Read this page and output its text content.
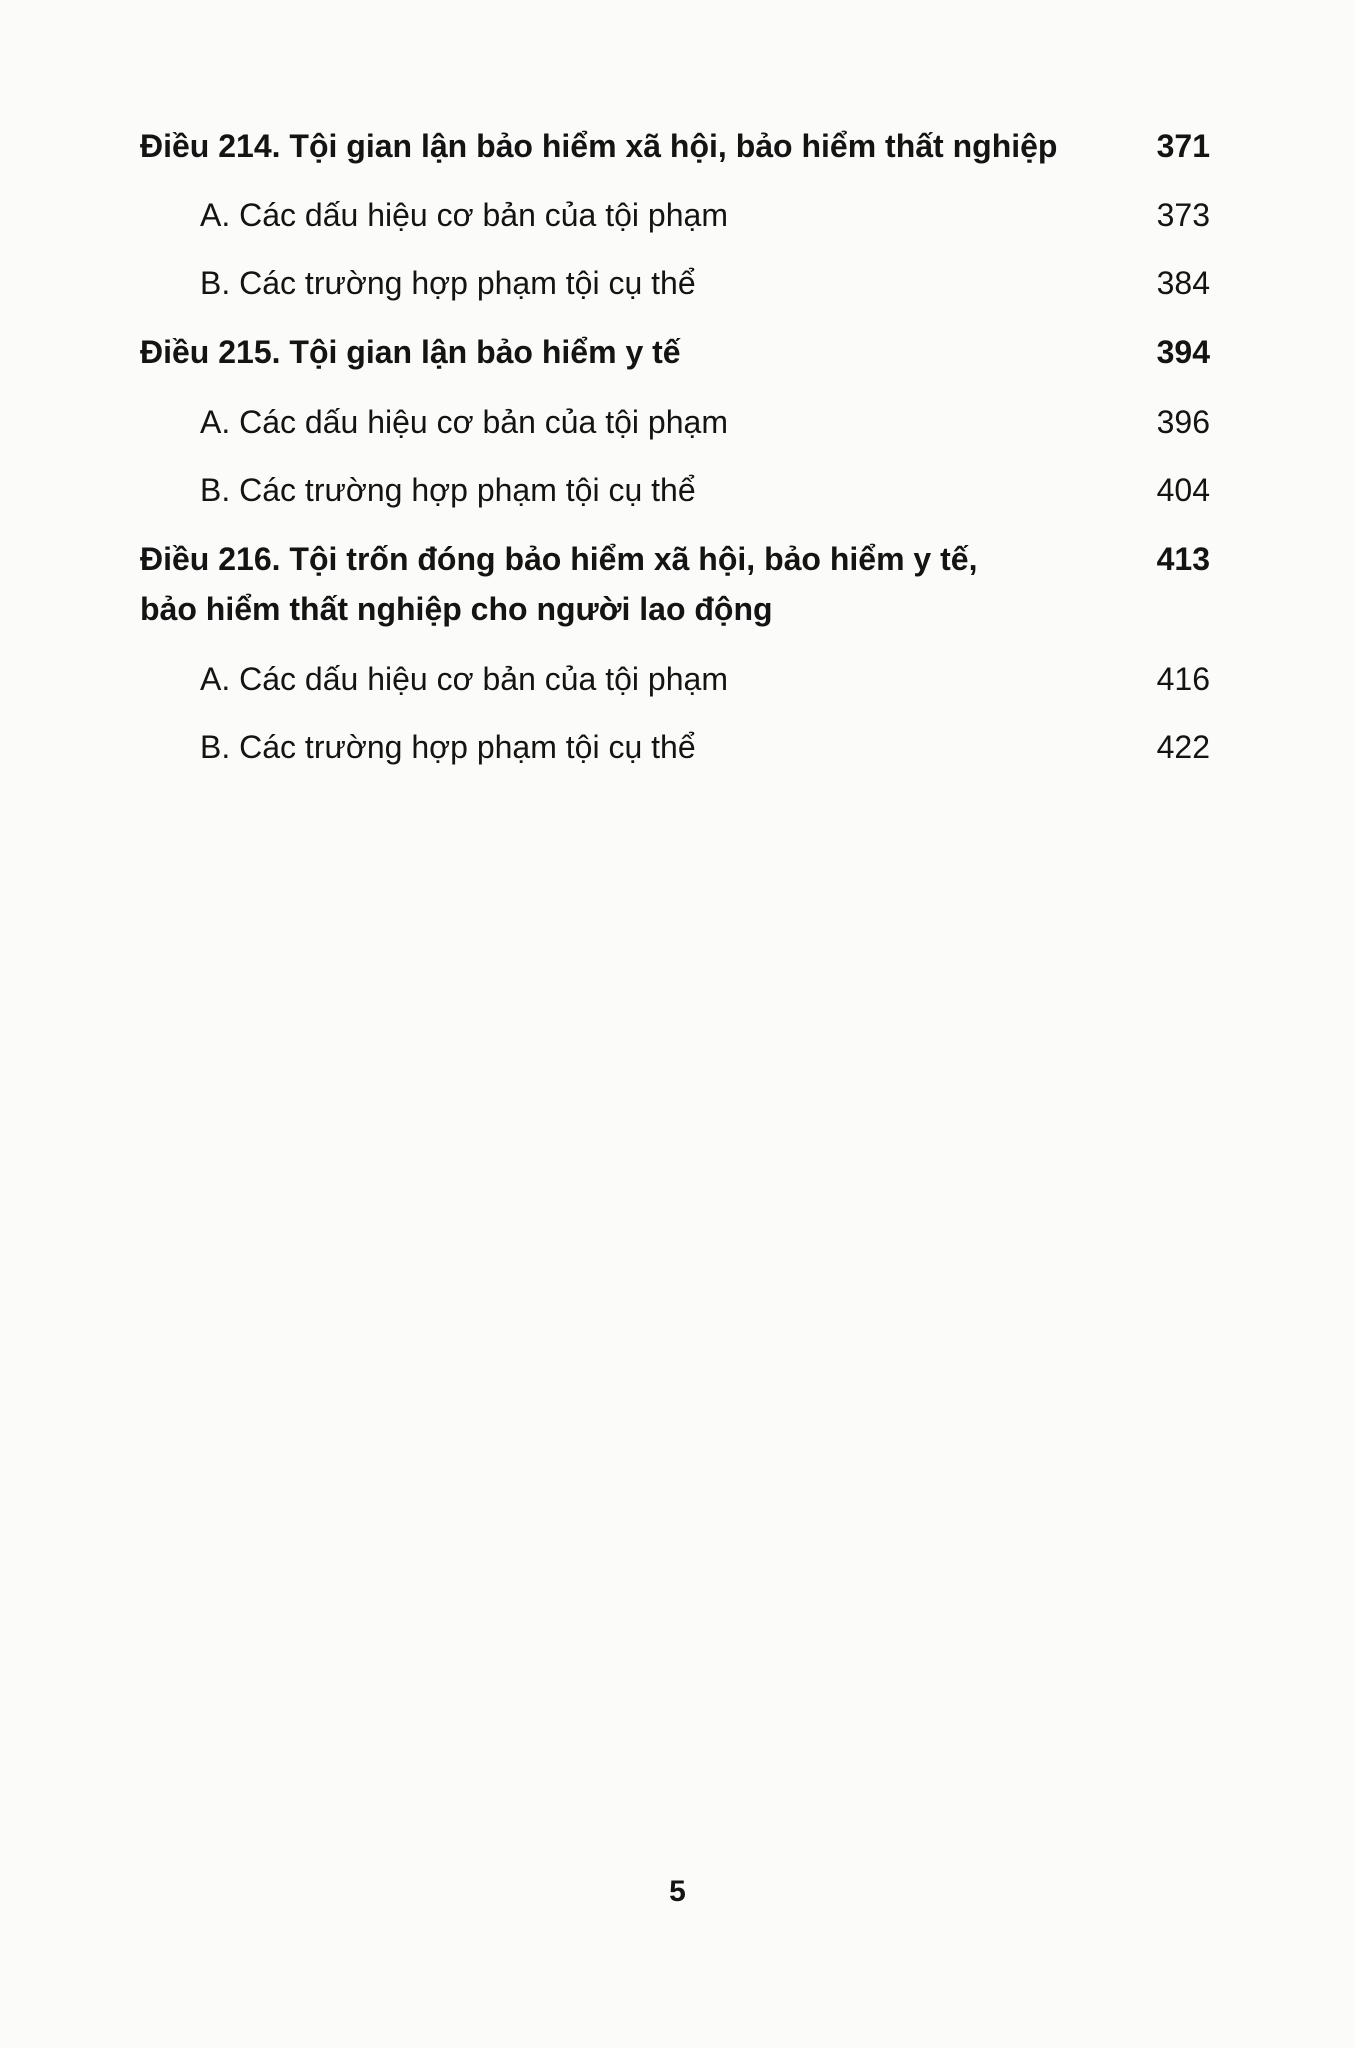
Điều 214. Tội gian lận bảo hiểm xã hội, bảo hiểm thất nghiệp	371
A. Các dấu hiệu cơ bản của tội phạm	373
B. Các trường hợp phạm tội cụ thể	384
Điều 215. Tội gian lận bảo hiểm y tế	394
A. Các dấu hiệu cơ bản của tội phạm	396
B. Các trường hợp phạm tội cụ thể	404
Điều 216. Tội trốn đóng bảo hiểm xã hội, bảo hiểm y tế,
bảo hiểm thất nghiệp cho người lao động
413
A. Các dấu hiệu cơ bản của tội phạm	416
B. Các trường hợp phạm tội cụ thể	422
5
